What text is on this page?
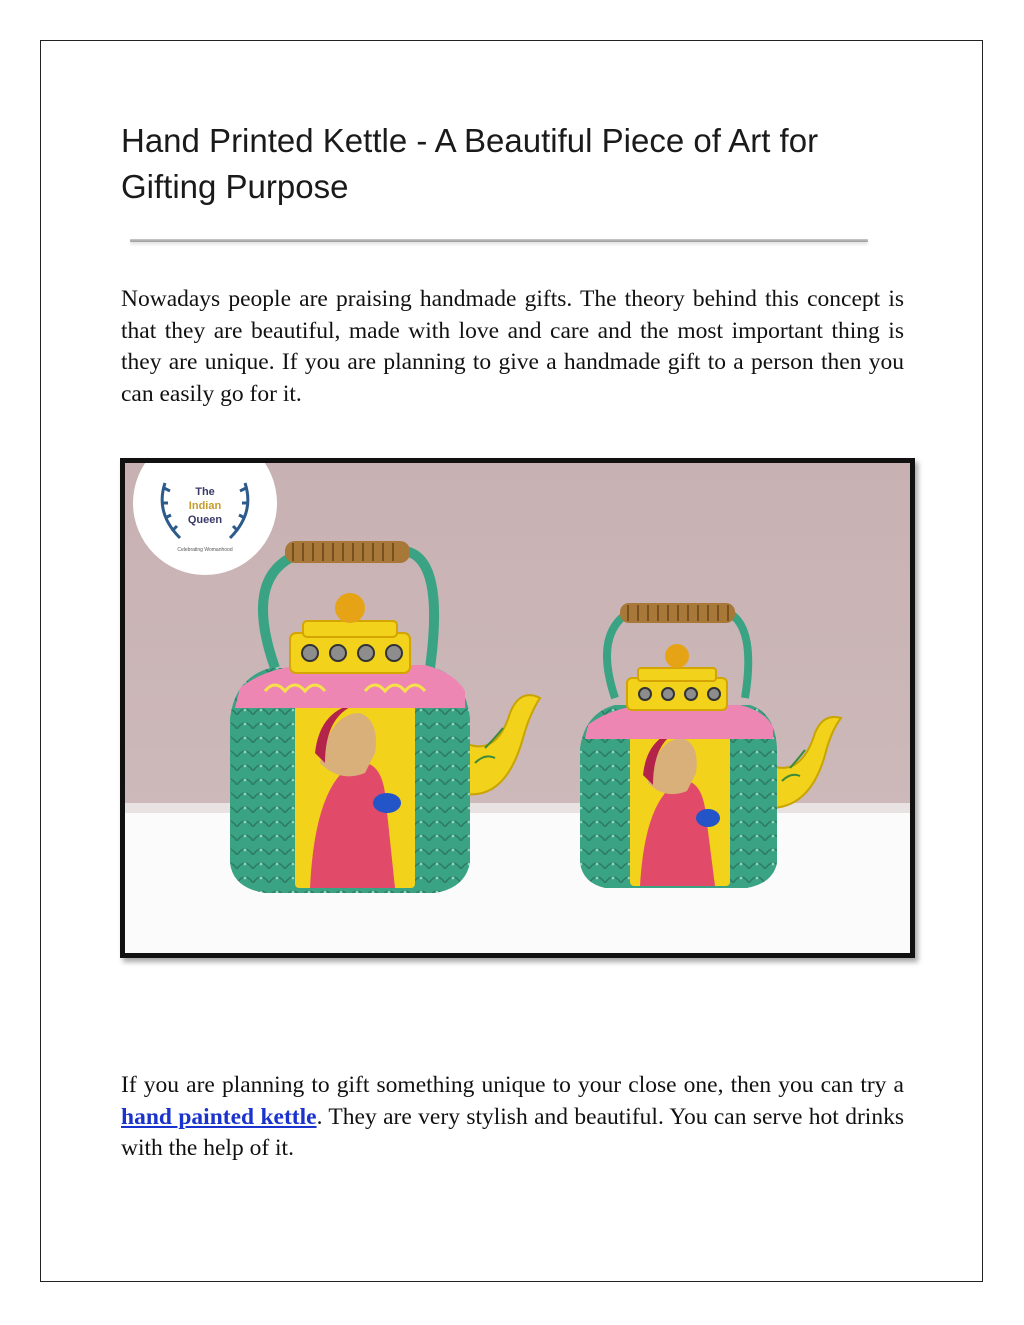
Hand Printed Kettle - A Beautiful Piece of Art for Gifting Purpose

Nowadays people are praising handmade gifts. The theory behind this concept is that they are beautiful, made with love and care and the most important thing is they are unique. If you are planning to give a handmade gift to a person then you can easily go for it.

The
Indian
Queen
Celebrating Womanhood

If you are planning to gift something unique to your close one, then you can try a hand painted kettle. They are very stylish and beautiful. You can serve hot drinks with the help of it.
